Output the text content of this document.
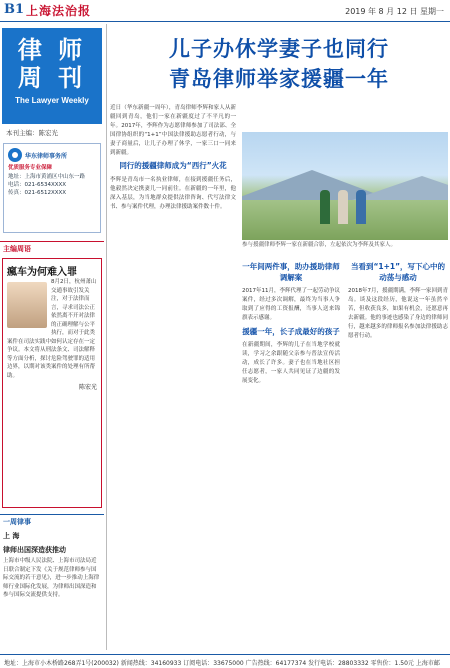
B1 上海法治报	2019 年 8 月 12 日 星期一
律 师
周 刊
The Lawyer Weekly
本刊主编：陈宏光
华东律师事务所
优质服务专业保障
地址：上海市黄浦区中山东一路
电话：021-6534XXXX
传真：021-6512XXXX
主编周语
瘋车为何难入罪
8月2日，杭州萧山交通事故引发关注，对于法律而言，寻求司法公正依然离不开对法律的正确理解与公平执行，而对于此类案件在司法实践中如何认定存在一定争议。本文将从刑法条文、司法解释等方面分析，探讨危险驾驶罪的适用边界，以期对该类案件的处理有所帮助。
陈宏光
一周律事
上 海
律师出国深造获推动
上海市中级人民法院、上海市司法局近日联合制定下发《关于规范律师参与国际交流的若干意见》，进一步推动上海律师行业国际化发展，为律师出国深造和参与国际交流提供支持。
儿子办休学妻子也同行
青岛律师举家援疆一年
近日（华东新疆一周年），青岛律师李辉和家人从新疆回到青岛，他们一家在新疆度过了不平凡的一年。2017年，李辉作为志愿律师参加了司法部、全国律协组织的“1+1”中国法律援助志愿者行动，与妻子商量后，让儿子办理了休学，一家三口一同来到新疆。
同行的援疆律师成为“西行”火花
李辉是青岛市一名执业律师，在接到援疆任务后，他毅然决定携妻儿一同前往。在新疆的一年里，他深入基层，为当地群众提供法律咨询、代写法律文书、参与案件代理，办理法律援助案件数十件。
参与援疆律师李辉一家在新疆合影，左起依次为李辉及其家人。
一年间两件事，助办援助律师调解案
2017年11月，李辉代理了一起劳动争议案件，经过多次调解，最终为当事人争取到了应得的工资报酬，当事人送来锦旗表示感谢。
援疆一年，长子成最好的孩子
在新疆期间，李辉的儿子在当地学校就读，学习之余跟随父亲参与普法宣传活动，成长了许多。妻子也在当地社区担任志愿者，一家人共同见证了边疆的发展变化。
当看到“1+1”，写下心中的动荡与感动
2018年7月，援疆期满，李辉一家回到青岛。谈及这段经历，他说这一年虽然辛苦，但收获良多，如果有机会，还愿意再去新疆。他的事迹也感染了身边的律师同行，越来越多的律师报名参加法律援助志愿者行动。
地址：上海市小木桥路268弄1号(200032) 新闻热线：34160933 订阅电话：33675000 广告热线：64177374 发行电话：28803332 零售价：1.50元 上海市邮
